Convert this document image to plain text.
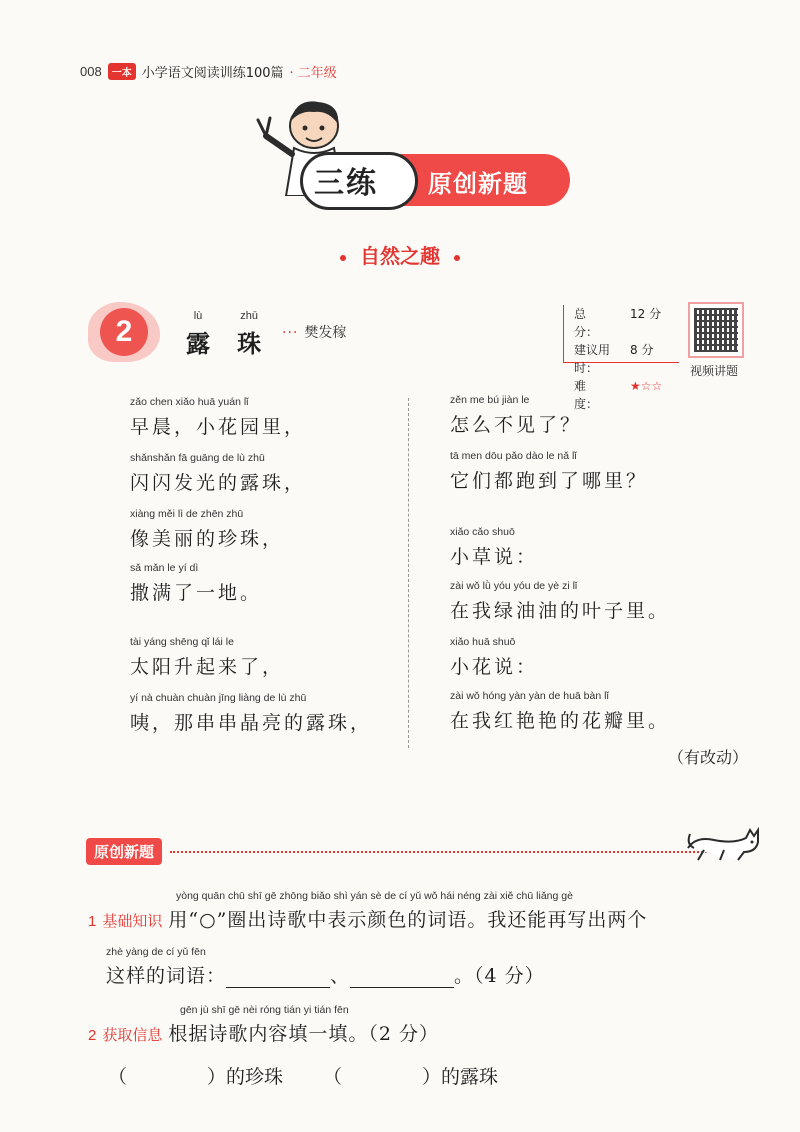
008	一本 小学语文阅读训练100篇 · 二年级
三练 原创新题
自然之趣
2	lù
露

zhū
珠 ··· 樊发稼
总　　分：
12 分
建议用时：
8 分
难　　度：
★☆☆
视频讲题
zǎo chen xiǎo huā yuán lǐ
早晨，小花园里，
shǎnshǎn fā guāng de lù zhū
闪闪发光的露珠，
xiàng měi lì de zhēn zhū
像美丽的珍珠，
sǎ mǎn le yí dì
撒满了一地。
tài yáng shēng qǐ lái le
太阳升起来了，
yí nà chuàn chuàn jīng liàng de lù zhū
咦，那串串晶亮的露珠，
zěn me bú jiàn le
怎么不见了？
tā men dōu pǎo dào le nǎ lǐ
它们都跑到了哪里？
xiǎo cǎo shuō
小草说：
zài wǒ lǜ yóu yóu de yè zi lǐ
在我绿油油的叶子里。
xiǎo huā shuō
小花说：
zài wǒ hóng yàn yàn de huā bàn lǐ
在我红艳艳的花瓣里。
（有改动）
原创新题
yòng quān chū shī gē zhōng biǎo shì yán sè de cí yǔ wǒ hái néng zài xiě chū liǎng gè
1 基础知识 用“○”圈出诗歌中表示颜色的词语。我还能再写出两个
zhè yàng de cí yǔ fēn
这样的词语：	、	。（4 分）
gēn jù shī gē nèi róng tián yi tián fēn
2 获取信息 根据诗歌内容填一填。（2 分）
（	）的珍珠 （	）的露珠
